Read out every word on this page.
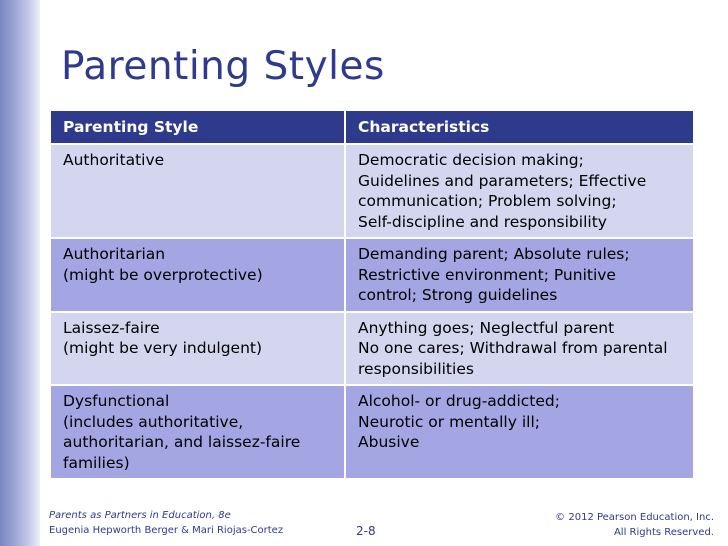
Parenting Styles
Parenting Style	Characteristics
Authoritative	Democratic decision making;
Guidelines and parameters; Effective
communication; Problem solving;
Self-discipline and responsibility
Authoritarian
(might be overprotective)	Demanding parent; Absolute rules;
Restrictive environment; Punitive
control; Strong guidelines
Laissez-faire
(might be very indulgent)	Anything goes; Neglectful parent
No one cares; Withdrawal from parental
responsibilities
Dysfunctional
(includes authoritative,
authoritarian, and laissez-faire
families)	Alcohol- or drug-addicted;
Neurotic or mentally ill;
Abusive
Parents as Partners in Education, 8e
Eugenia Hepworth Berger & Mari Riojas-Cortez	2-8
© 2012 Pearson Education, Inc.
All Rights Reserved.
